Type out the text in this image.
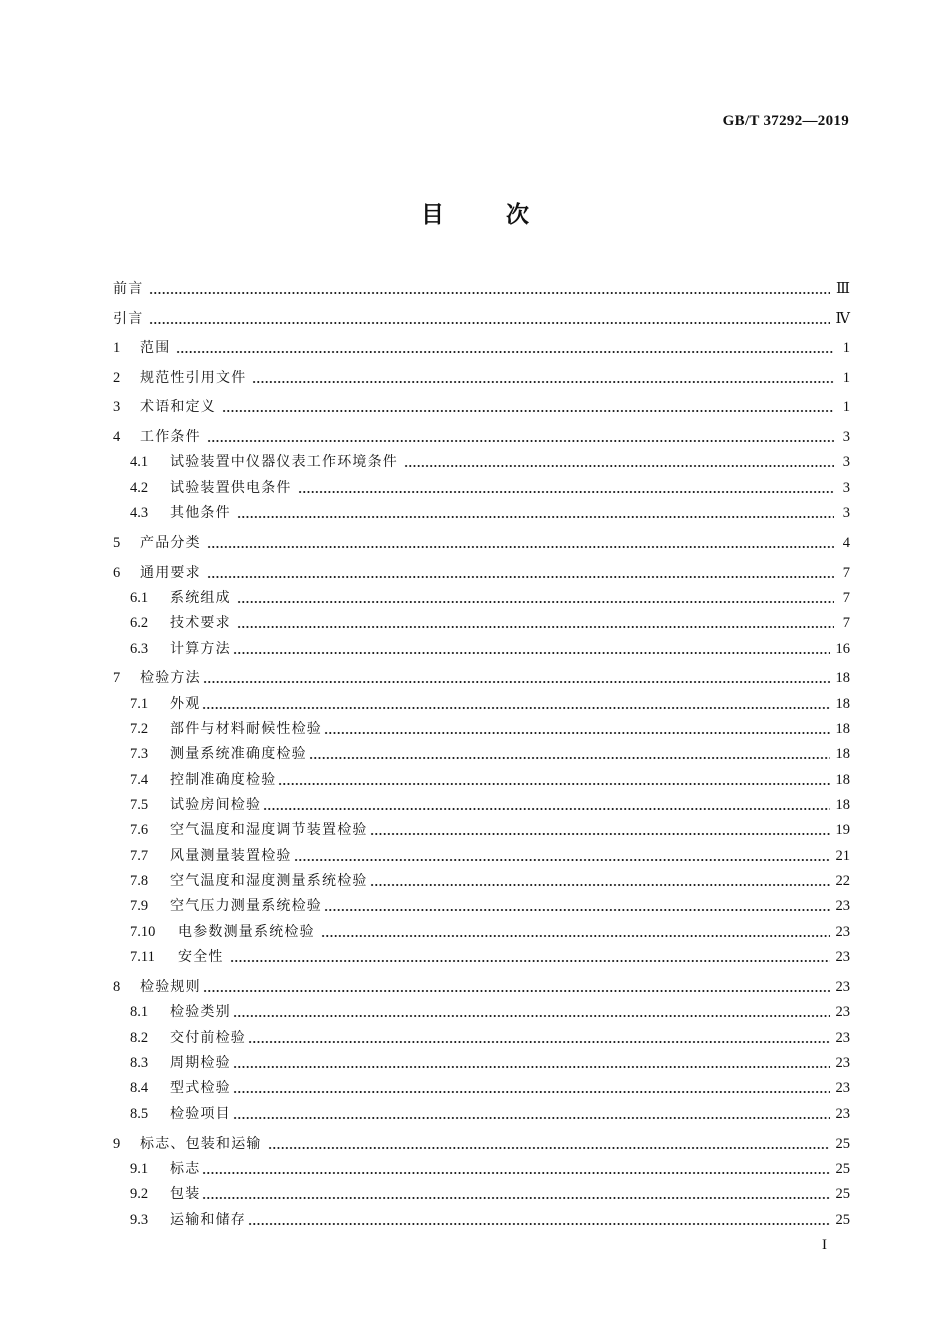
GB/T 37292—2019
目	次
前言	Ⅲ
引言	Ⅳ
1	范围	1
2	规范性引用文件	1
3	术语和定义	1
4	工作条件	3
4.1	试验装置中仪器仪表工作环境条件	3
4.2	试验装置供电条件	3
4.3	其他条件	3
5	产品分类	4
6	通用要求	7
6.1	系统组成	7
6.2	技术要求	7
6.3	计算方法	16
7	检验方法	18
7.1	外观	18
7.2	部件与材料耐候性检验	18
7.3	测量系统准确度检验	18
7.4	控制准确度检验	18
7.5	试验房间检验	18
7.6	空气温度和湿度调节装置检验	19
7.7	风量测量装置检验	21
7.8	空气温度和湿度测量系统检验	22
7.9	空气压力测量系统检验	23
7.10	电参数测量系统检验	23
7.11	安全性	23
8	检验规则	23
8.1	检验类别	23
8.2	交付前检验	23
8.3	周期检验	23
8.4	型式检验	23
8.5	检验项目	23
9	标志、包装和运输	25
9.1	标志	25
9.2	包装	25
9.3	运输和储存	25
I
